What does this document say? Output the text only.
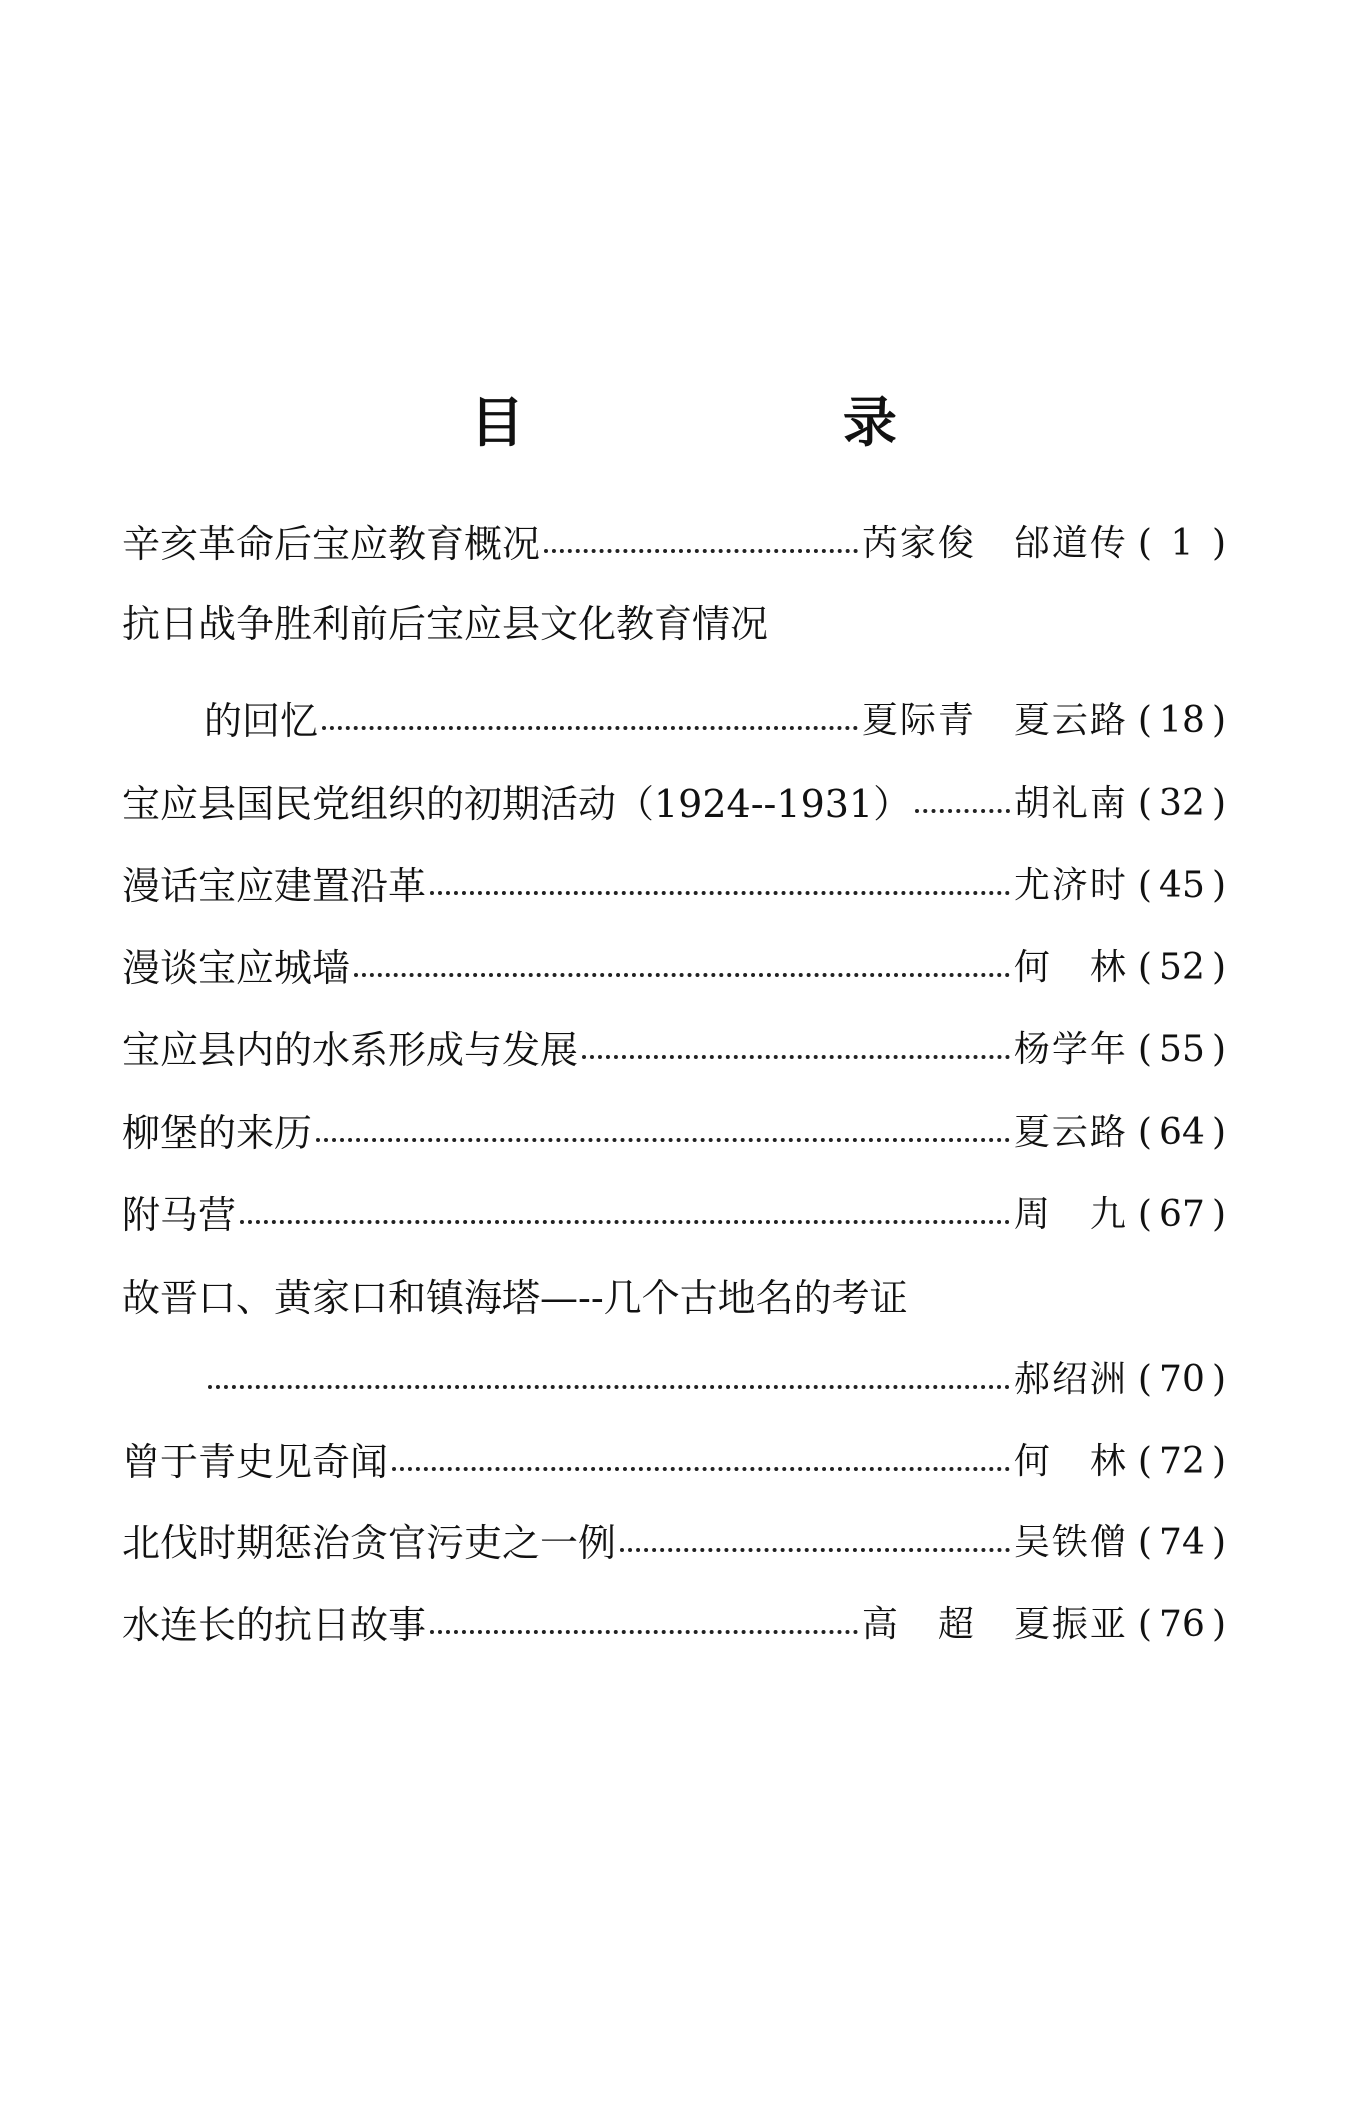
目 录
辛亥革命后宝应教育概况	芮家俊　邰道传 ( 1 )
抗日战争胜利前后宝应县文化教育情况
的回忆	夏际青　夏云路 ( 18 )
宝应县国民党组织的初期活动（1924--1931）	胡礼南 ( 32 )
漫话宝应建置沿革	尤济时 ( 45 )
漫谈宝应城墙	何　林 ( 52 )
宝应县内的水系形成与发展	杨学年 ( 55 )
柳堡的来历	夏云路 ( 64 )
附马营	周　九 ( 67 )
故晋口、黄家口和镇海塔—--几个古地名的考证
郝绍洲 ( 70 )
曾于青史见奇闻	何　林 ( 72 )
北伐时期惩治贪官污吏之一例	吴铁僧 ( 74 )
水连长的抗日故事	高　超　夏振亚 ( 76 )
